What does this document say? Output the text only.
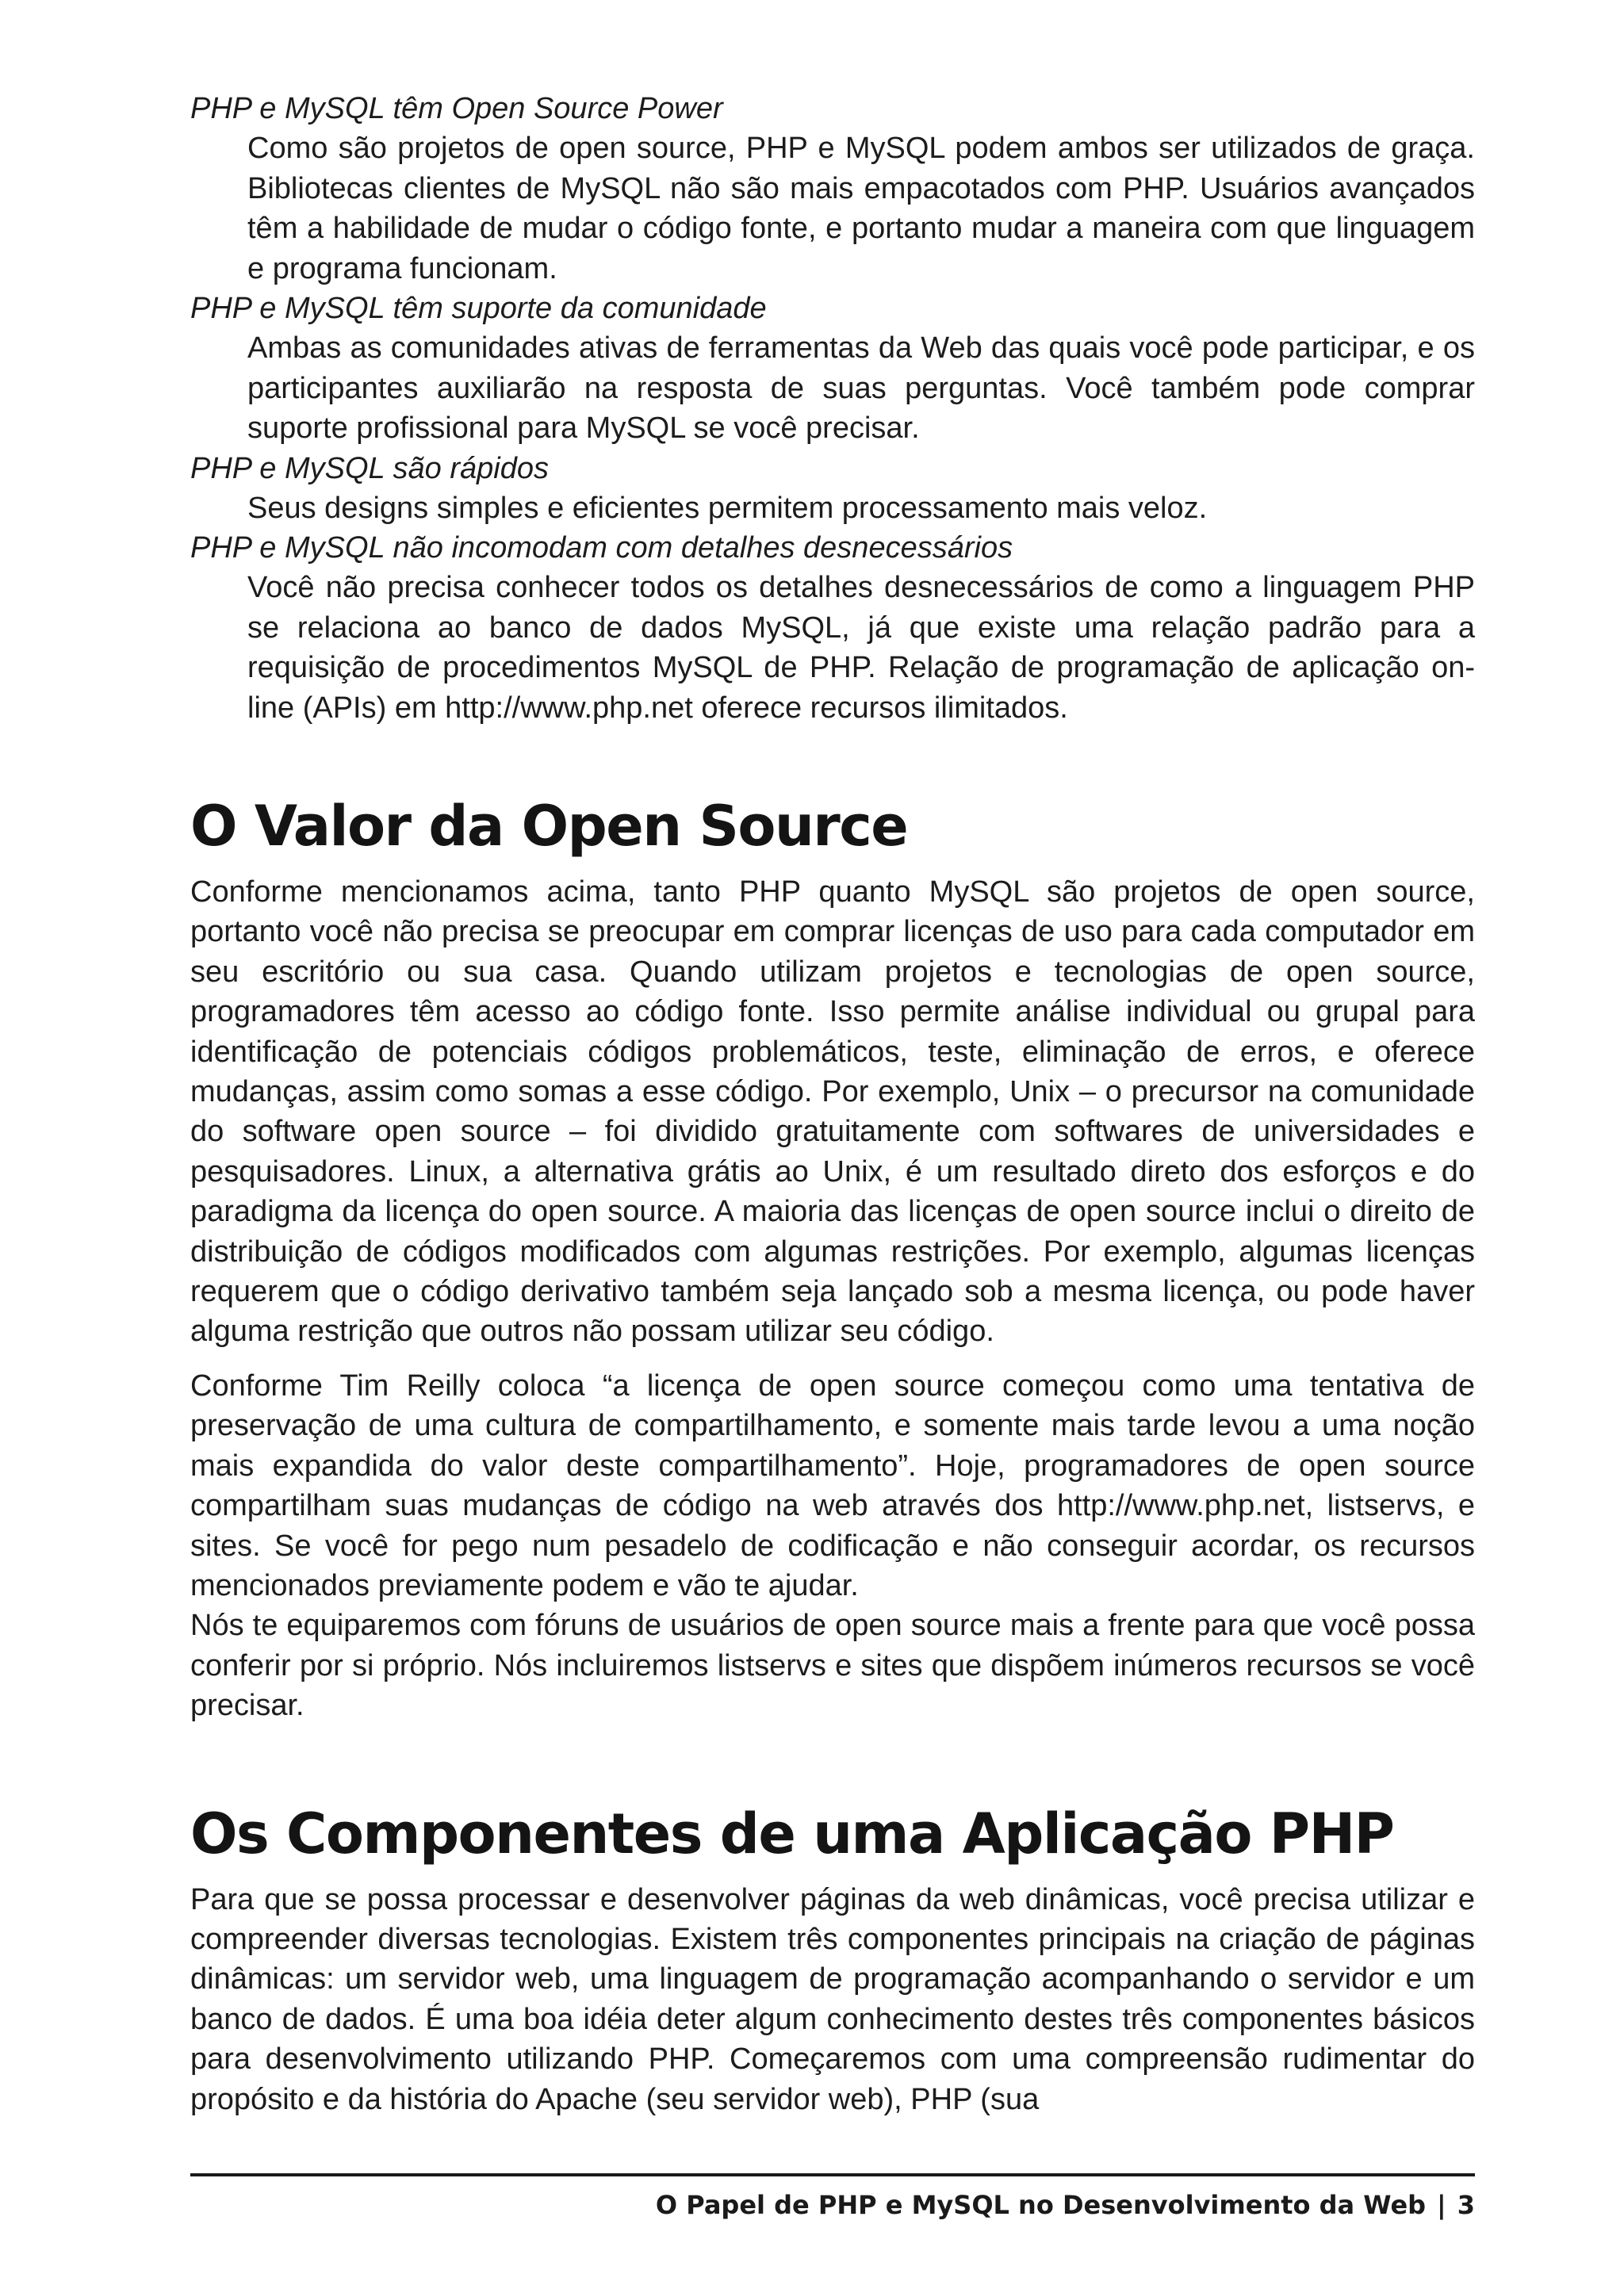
PHP e MySQL têm Open Source Power

Como são projetos de open source, PHP e MySQL podem ambos ser utilizados de graça. Bibliotecas clientes de MySQL não são mais empacotados com PHP. Usuários avançados têm a habilidade de mudar o código fonte, e portanto mudar a maneira com que linguagem e programa funcionam.

PHP e MySQL têm suporte da comunidade

Ambas as comunidades ativas de ferramentas da Web das quais você pode participar, e os participantes auxiliarão na resposta de suas perguntas. Você também pode comprar suporte profissional para MySQL se você precisar.

PHP e MySQL são rápidos

Seus designs simples e eficientes permitem processamento mais veloz.

PHP e MySQL não incomodam com detalhes desnecessários

Você não precisa conhecer todos os detalhes desnecessários de como a linguagem PHP se relaciona ao banco de dados MySQL, já que existe uma relação padrão para a requisição de procedimentos MySQL de PHP. Relação de programação de aplicação on-line (APIs) em http://www.php.net oferece recursos ilimitados.

O Valor da Open Source

Conforme mencionamos acima, tanto PHP quanto MySQL são projetos de open source, portanto você não precisa se preocupar em comprar licenças de uso para cada computador em seu escritório ou sua casa. Quando utilizam projetos e tecnologias de open source, programadores têm acesso ao código fonte. Isso permite análise individual ou grupal para identificação de potenciais códigos problemáticos, teste, eliminação de erros, e oferece mudanças, assim como somas a esse código. Por exemplo, Unix – o precursor na comunidade do software open source – foi dividido gratuitamente com softwares de universidades e pesquisadores. Linux, a alternativa grátis ao Unix, é um resultado direto dos esforços e do paradigma da licença do open source. A maioria das licenças de open source inclui o direito de distribuição de códigos modificados com algumas restrições. Por exemplo, algumas licenças requerem que o código derivativo também seja lançado sob a mesma licença, ou pode haver alguma restrição que outros não possam utilizar seu código.

Conforme Tim Reilly coloca “a licença de open source começou como uma tentativa de preservação de uma cultura de compartilhamento, e somente mais tarde levou a uma noção mais expandida do valor deste compartilhamento”. Hoje, programadores de open source compartilham suas mudanças de código na web através dos http://www.php.net, listservs, e sites. Se você for pego num pesadelo de codificação e não conseguir acordar, os recursos mencionados previamente podem e vão te ajudar.

Nós te equiparemos com fóruns de usuários de open source mais a frente para que você possa conferir por si próprio. Nós incluiremos listservs e sites que dispõem inúmeros recursos se você precisar.

Os Componentes de uma Aplicação PHP

Para que se possa processar e desenvolver páginas da web dinâmicas, você precisa utilizar e compreender diversas tecnologias. Existem três componentes principais na criação de páginas dinâmicas: um servidor web, uma linguagem de programação acompanhando o servidor e um banco de dados. É uma boa idéia deter algum conhecimento destes três componentes básicos para desenvolvimento utilizando PHP. Começaremos com uma compreensão rudimentar do propósito e da história do Apache (seu servidor web), PHP (sua

O Papel de PHP e MySQL no Desenvolvimento da Web | 3
